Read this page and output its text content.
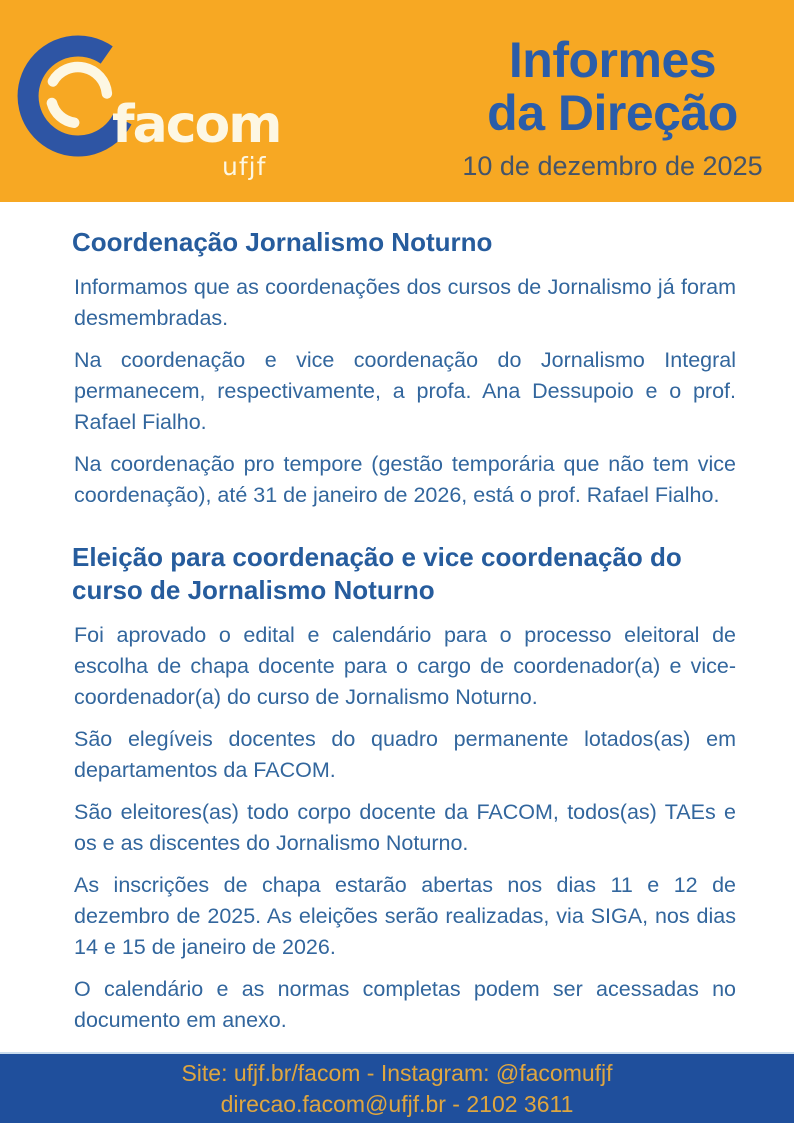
facom
ufjf
Informes
da Direção
10 de dezembro de 2025
Coordenação Jornalismo Noturno

Informamos que as coordenações dos cursos de Jornalismo já foram desmembradas.

Na coordenação e vice coordenação do Jornalismo Integral permanecem, respectivamente, a profa. Ana Dessupoio e o prof. Rafael Fialho.

Na coordenação pro tempore (gestão temporária que não tem vice coordenação), até 31 de janeiro de 2026, está o prof. Rafael Fialho.

Eleição para coordenação e vice coordenação do curso de Jornalismo Noturno

Foi aprovado o edital e calendário para o processo eleitoral de escolha de chapa docente para o cargo de coordenador(a) e vice-coordenador(a) do curso de Jornalismo Noturno.

São elegíveis docentes do quadro permanente lotados(as) em departamentos da FACOM.

São eleitores(as) todo corpo docente da FACOM, todos(as) TAEs e os e as discentes do Jornalismo Noturno.

As inscrições de chapa estarão abertas nos dias 11 e 12 de dezembro de 2025. As eleições serão realizadas, via SIGA, nos dias 14 e 15 de janeiro de 2026.

O calendário e as normas completas podem ser acessadas no documento em anexo.

Site: ufjf.br/facom - Instagram: @facomufjf
direcao.facom@ufjf.br - 2102 3611
